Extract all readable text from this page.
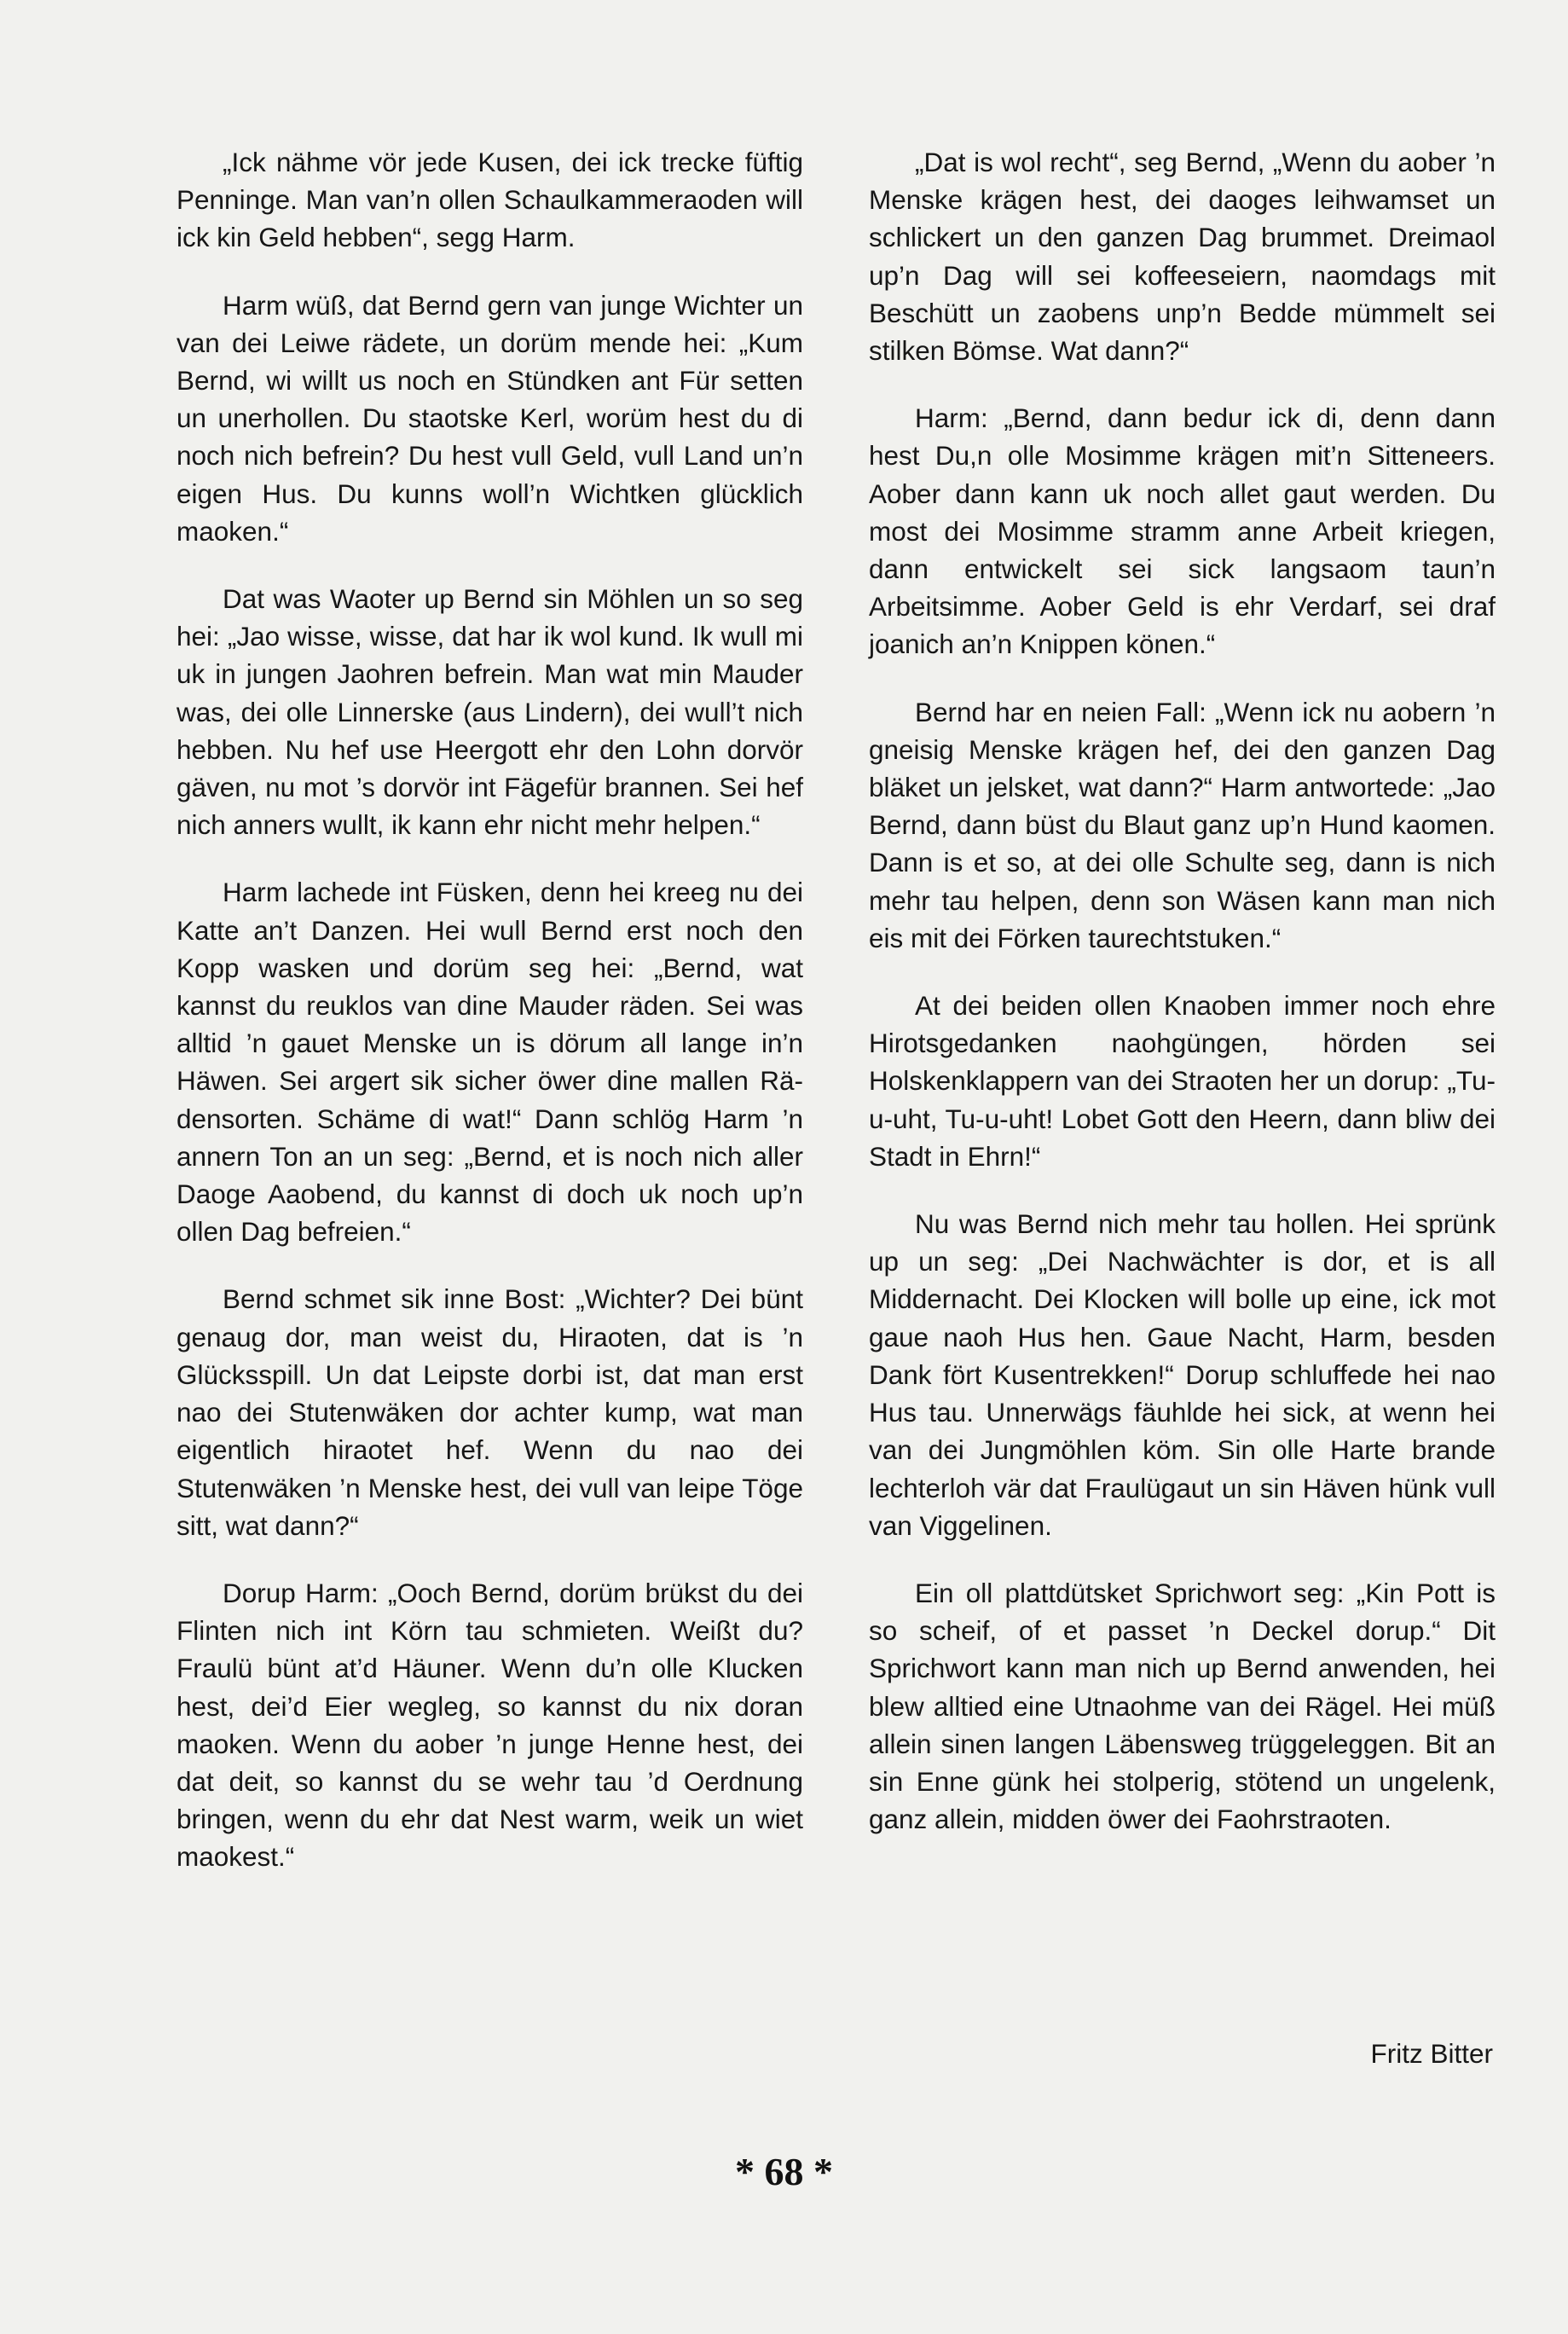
„Ick nähme vör jede Kusen, dei ick trecke füftig Penninge. Man van’n ollen Schaulkammeraoden will ick kin Geld hebben“, segg Harm.

Harm wüß, dat Bernd gern van junge Wichter un van dei Leiwe rädete, un dorüm mende hei: „Kum Bernd, wi willt us noch en Stündken ant Für setten un unerhollen. Du staotske Kerl, worüm hest du di noch nich befrein? Du hest vull Geld, vull Land un’n eigen Hus. Du kunns woll’n Wichtken glücklich maoken.“

Dat was Waoter up Bernd sin Möhlen un so seg hei: „Jao wisse, wisse, dat har ik wol kund. Ik wull mi uk in jungen Jaohren befrein. Man wat min Mauder was, dei olle Linnerske (aus Lindern), dei wull’t nich hebben. Nu hef use Heergott ehr den Lohn dorvör gäven, nu mot ’s dorvör int Fägefür brannen. Sei hef nich anners wullt, ik kann ehr nicht mehr helpen.“

Harm lachede int Füsken, denn hei kreeg nu dei Katte an’t Danzen. Hei wull Bernd erst noch den Kopp wasken und dorüm seg hei: „Bernd, wat kannst du reuklos van dine Mauder räden. Sei was alltid ’n gauet Menske un is dörum all lange in’n Häwen. Sei argert sik sicher öwer dine mallen Rädensorten. Schäme di wat!“ Dann schlög Harm ’n annern Ton an un seg: „Bernd, et is noch nich aller Daoge Aaobend, du kannst di doch uk noch up’n ollen Dag befreien.“

Bernd schmet sik inne Bost: „Wichter? Dei bünt genaug dor, man weist du, Hiraoten, dat is ’n Glücksspill. Un dat Leipste dorbi ist, dat man erst nao dei Stutenwäken dor achter kump, wat man eigentlich hiraotet hef. Wenn du nao dei Stutenwäken ’n Menske hest, dei vull van leipe Töge sitt, wat dann?“

Dorup Harm: „Ooch Bernd, dorüm brükst du dei Flinten nich int Körn tau schmieten. Weißt du? Fraulü bünt at’d Häuner. Wenn du’n olle Klucken hest, dei’d Eier wegleg, so kannst du nix doran maoken. Wenn du aober ’n junge Henne hest, dei dat deit, so kannst du se wehr tau ’d Oerdnung bringen, wenn du ehr dat Nest warm, weik un wiet maokest.“

„Dat is wol recht“, seg Bernd, „Wenn du aober ’n Menske krägen hest, dei daoges leihwamset un schlickert un den ganzen Dag brummet. Dreimaol up’n Dag will sei koffeeseiern, naomdags mit Beschütt un zaobens unp’n Bedde mümmelt sei stilken Bömse. Wat dann?“

Harm: „Bernd, dann bedur ick di, denn dann hest Du,n olle Mosimme krägen mit’n Sitteneers. Aober dann kann uk noch allet gaut werden. Du most dei Mosimme stramm anne Arbeit kriegen, dann entwickelt sei sick langsaom taun’n Arbeitsimme. Aober Geld is ehr Verdarf, sei draf joanich an’n Knippen könen.“

Bernd har en neien Fall: „Wenn ick nu aobern ’n gneisig Menske krägen hef, dei den ganzen Dag bläket un jelsket, wat dann?“ Harm antwortede: „Jao Bernd, dann büst du Blaut ganz up’n Hund kaomen. Dann is et so, at dei olle Schulte seg, dann is nich mehr tau helpen, denn son Wäsen kann man nich eis mit dei Förken taurechtstuken.“

At dei beiden ollen Knaoben immer noch ehre Hirotsgedanken naohgüngen, hörden sei Holskenklappern van dei Straoten her un dorup: „Tu-u-uht, Tu-u-uht! Lobet Gott den Heern, dann bliw dei Stadt in Ehrn!“

Nu was Bernd nich mehr tau hollen. Hei sprünk up un seg: „Dei Nachwächter is dor, et is all Middernacht. Dei Klocken will bolle up eine, ick mot gaue naoh Hus hen. Gaue Nacht, Harm, besden Dank fört Kusentrekken!“ Dorup schluffede hei nao Hus tau. Unnerwägs fäuhlde hei sick, at wenn hei van dei Jungmöhlen köm. Sin olle Harte brande lechterloh vär dat Fraulügaut un sin Häven hünk vull van Viggelinen.

Ein oll plattdütsket Sprichwort seg: „Kin Pott is so scheif, of et passet ’n Deckel dorup.“ Dit Sprichwort kann man nich up Bernd anwenden, hei blew alltied eine Utnaohme van dei Rägel. Hei müß allein sinen langen Läbensweg trüggeleggen. Bit an sin Enne günk hei stolperig, stötend un ungelenk, ganz allein, midden öwer dei Faohrstraoten.

Fritz Bitter
* 68 *
